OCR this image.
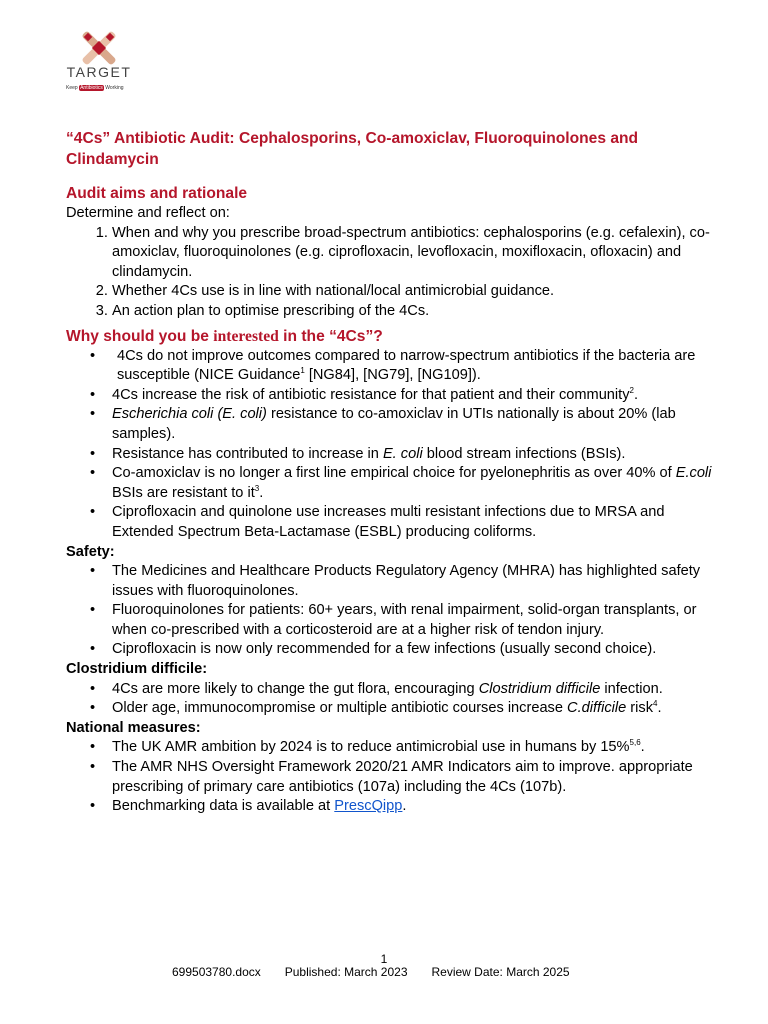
TARGET
Keep Antibiotics Working
“4Cs” Antibiotic Audit: Cephalosporins, Co-amoxiclav, Fluoroquinolones and Clindamycin
Audit aims and rationale

Determine and reflect on:

1. When and why you prescribe broad-spectrum antibiotics: cephalosporins (e.g. cefalexin), co-amoxiclav, fluoroquinolones (e.g. ciprofloxacin, levofloxacin, moxifloxacin, ofloxacin) and clindamycin.
2. Whether 4Cs use is in line with national/local antimicrobial guidance.
3. An action plan to optimise prescribing of the 4Cs.
Why should you be interested in the “4Cs”?
• 4Cs do not improve outcomes compared to narrow-spectrum antibiotics if the bacteria are susceptible (NICE Guidance$^1$ [NG84], [NG79], [NG109]).
• 4Cs increase the risk of antibiotic resistance for that patient and their community$^2$.
• Escherichia coli (E. coli) resistance to co-amoxiclav in UTIs nationally is about 20% (lab samples).
• Resistance has contributed to increase in E. coli blood stream infections (BSIs).
• Co-amoxiclav is no longer a first line empirical choice for pyelonephritis as over 40% of E.coli BSIs are resistant to $it^3$.
• Ciprofloxacin and quinolone use increases multi resistant infections due to MRSA and Extended Spectrum Beta-Lactamase (ESBL) producing coliforms.

Safety:

• The Medicines and Healthcare Products Regulatory Agency (MHRA) has highlighted safety issues with fluoroquinolones.
• Fluoroquinolones for patients: 60+ years, with renal impairment, solid-organ transplants, or when co-prescribed with a corticosteroid are at a higher risk of tendon injury.
• Ciprofloxacin is now only recommended for a few infections (usually second choice).

Clostridium difficile:

• 4Cs are more likely to change the gut flora, encouraging Clostridium difficile infection.
• Older age, immunocompromise or multiple antibiotic courses increase C.difficile risk$^4$.

National measures:

• The UK AMR ambition by 2024 is to reduce antimicrobial use in humans by 15%$^{5,6}$.
• The AMR NHS Oversight Framework 2020/21 AMR Indicators aim to improve. appropriate prescribing of primary care antibiotics (107a) including the 4Cs (107b).
• Benchmarking data is available at PrescQipp.
1
699503780.docx Published: March 2023 Review Date: March 2025
